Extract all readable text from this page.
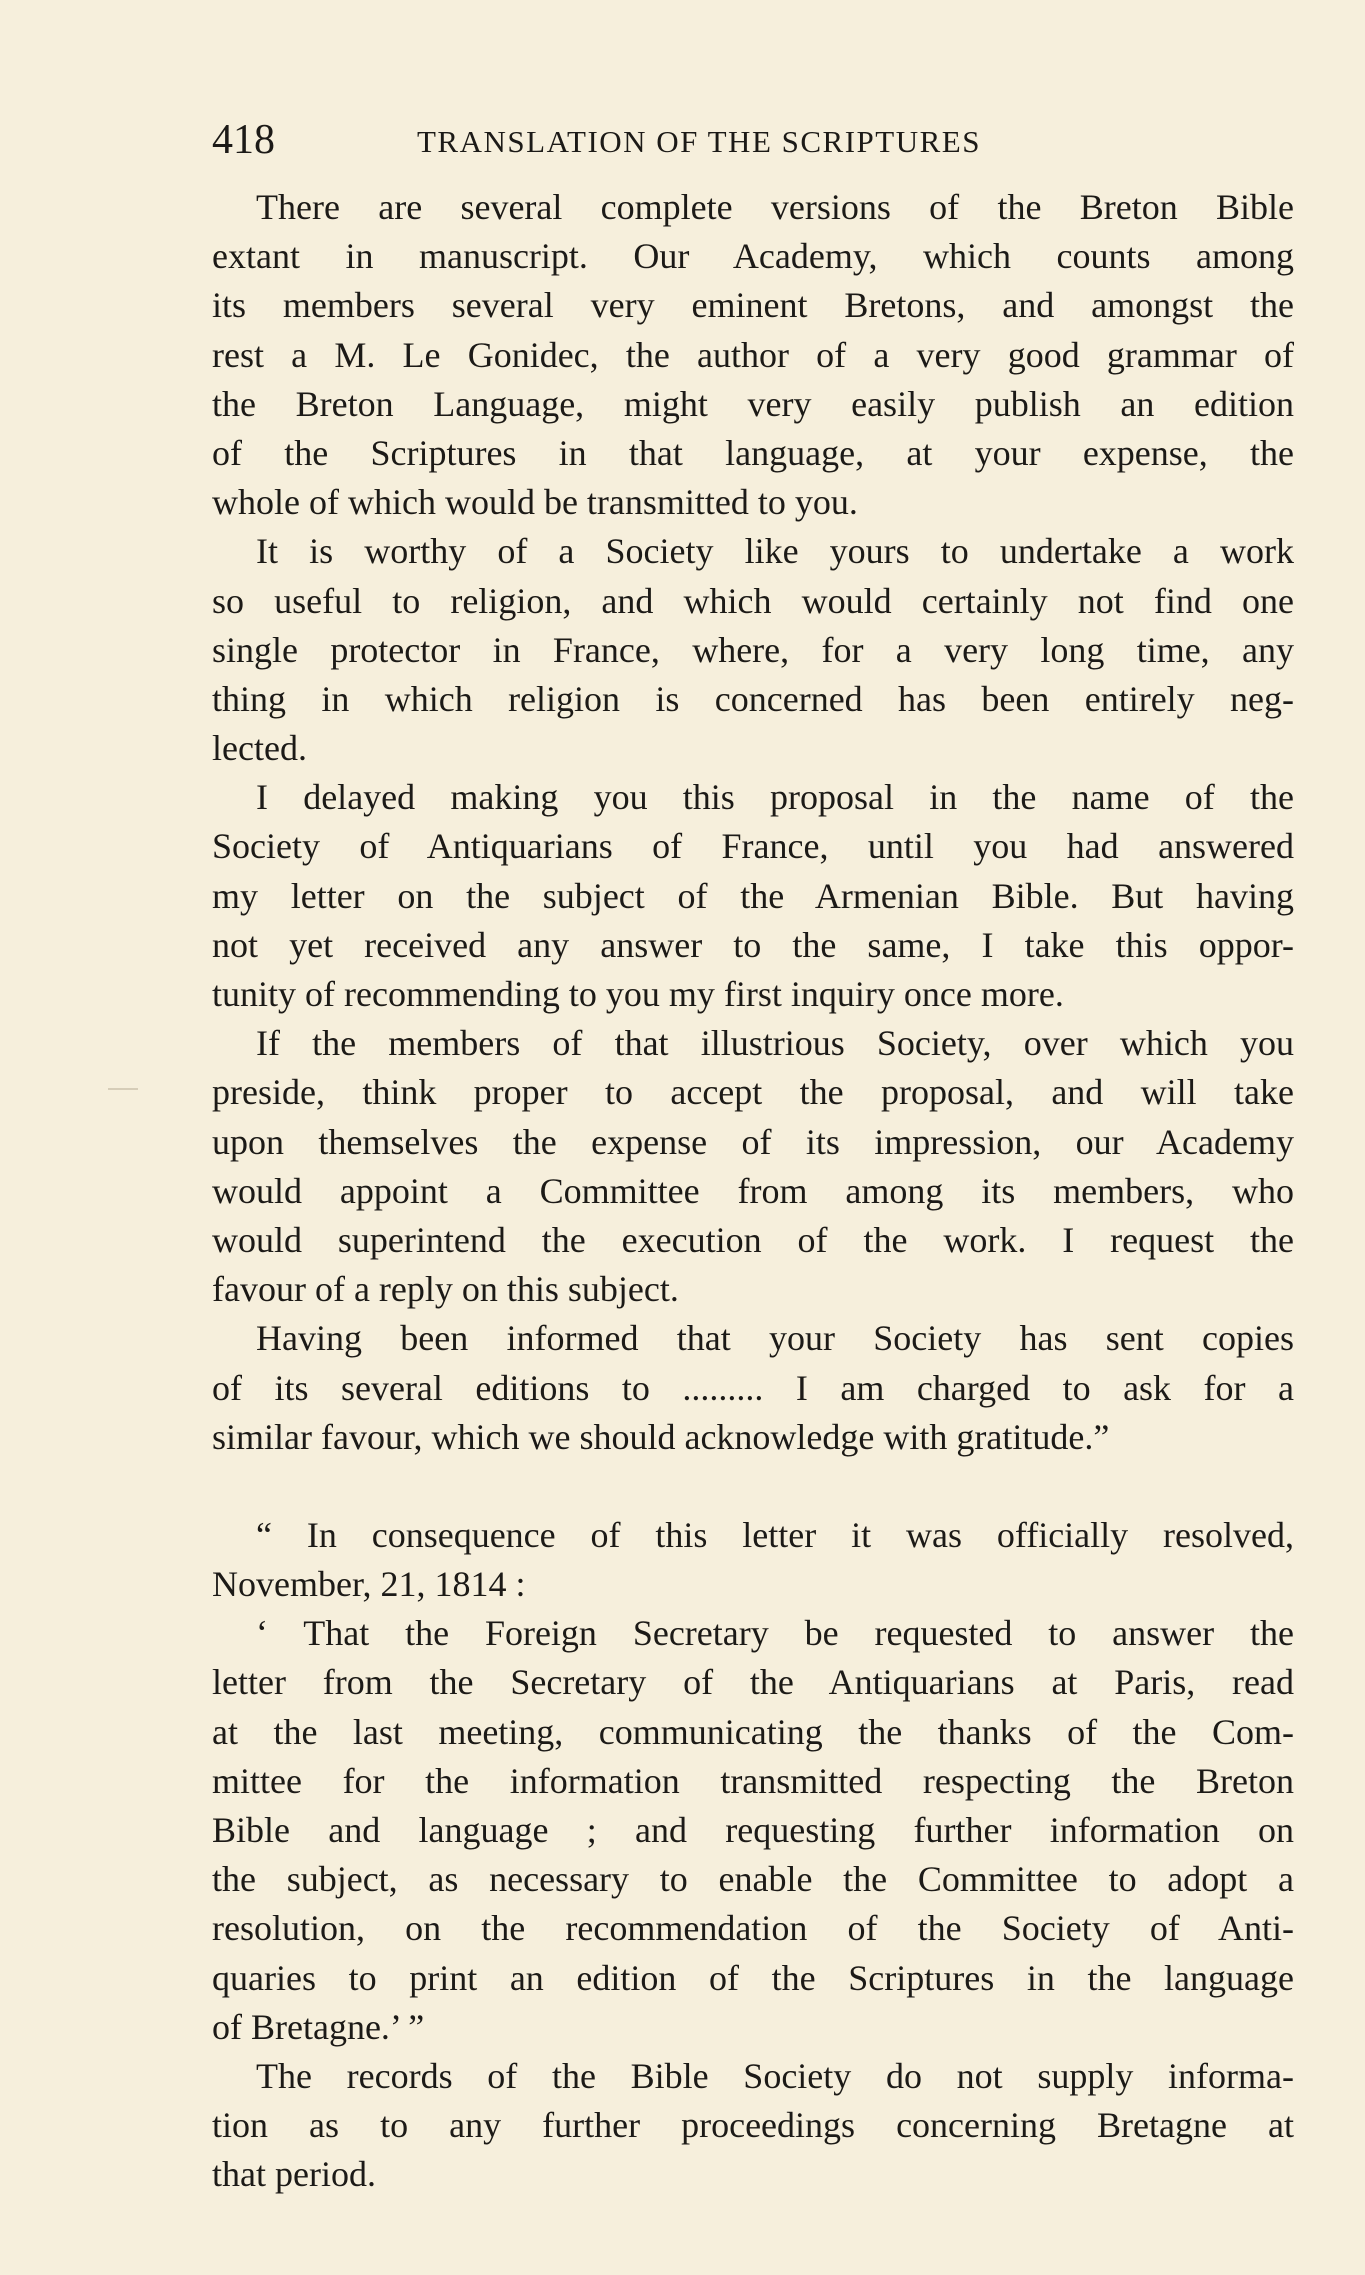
418	TRANSLATION OF THE SCRIPTURES
There are several complete versions of the Breton Bible
extant in manuscript. Our Academy, which counts among
its members several very eminent Bretons, and amongst the
rest a M. Le Gonidec, the author of a very good grammar of
the Breton Language, might very easily publish an edition
of the Scriptures in that language, at your expense, the
whole of which would be transmitted to you.
It is worthy of a Society like yours to undertake a work
so useful to religion, and which would certainly not find one
single protector in France, where, for a very long time, any
thing in which religion is concerned has been entirely neg-
lected.
I delayed making you this proposal in the name of the
Society of Antiquarians of France, until you had answered
my letter on the subject of the Armenian Bible. But having
not yet received any answer to the same, I take this oppor-
tunity of recommending to you my first inquiry once more.
If the members of that illustrious Society, over which you
preside, think proper to accept the proposal, and will take
upon themselves the expense of its impression, our Academy
would appoint a Committee from among its members, who
would superintend the execution of the work. I request the
favour of a reply on this subject.
Having been informed that your Society has sent copies
of its several editions to ......... I am charged to ask for a
similar favour, which we should acknowledge with gratitude.”
“ In consequence of this letter it was officially resolved,
November, 21, 1814 :
‘ That the Foreign Secretary be requested to answer the
letter from the Secretary of the Antiquarians at Paris, read
at the last meeting, communicating the thanks of the Com-
mittee for the information transmitted respecting the Breton
Bible and language ; and requesting further information on
the subject, as necessary to enable the Committee to adopt a
resolution, on the recommendation of the Society of Anti-
quaries to print an edition of the Scriptures in the language
of Bretagne.’ ”
The records of the Bible Society do not supply informa-
tion as to any further proceedings concerning Bretagne at
that period.
